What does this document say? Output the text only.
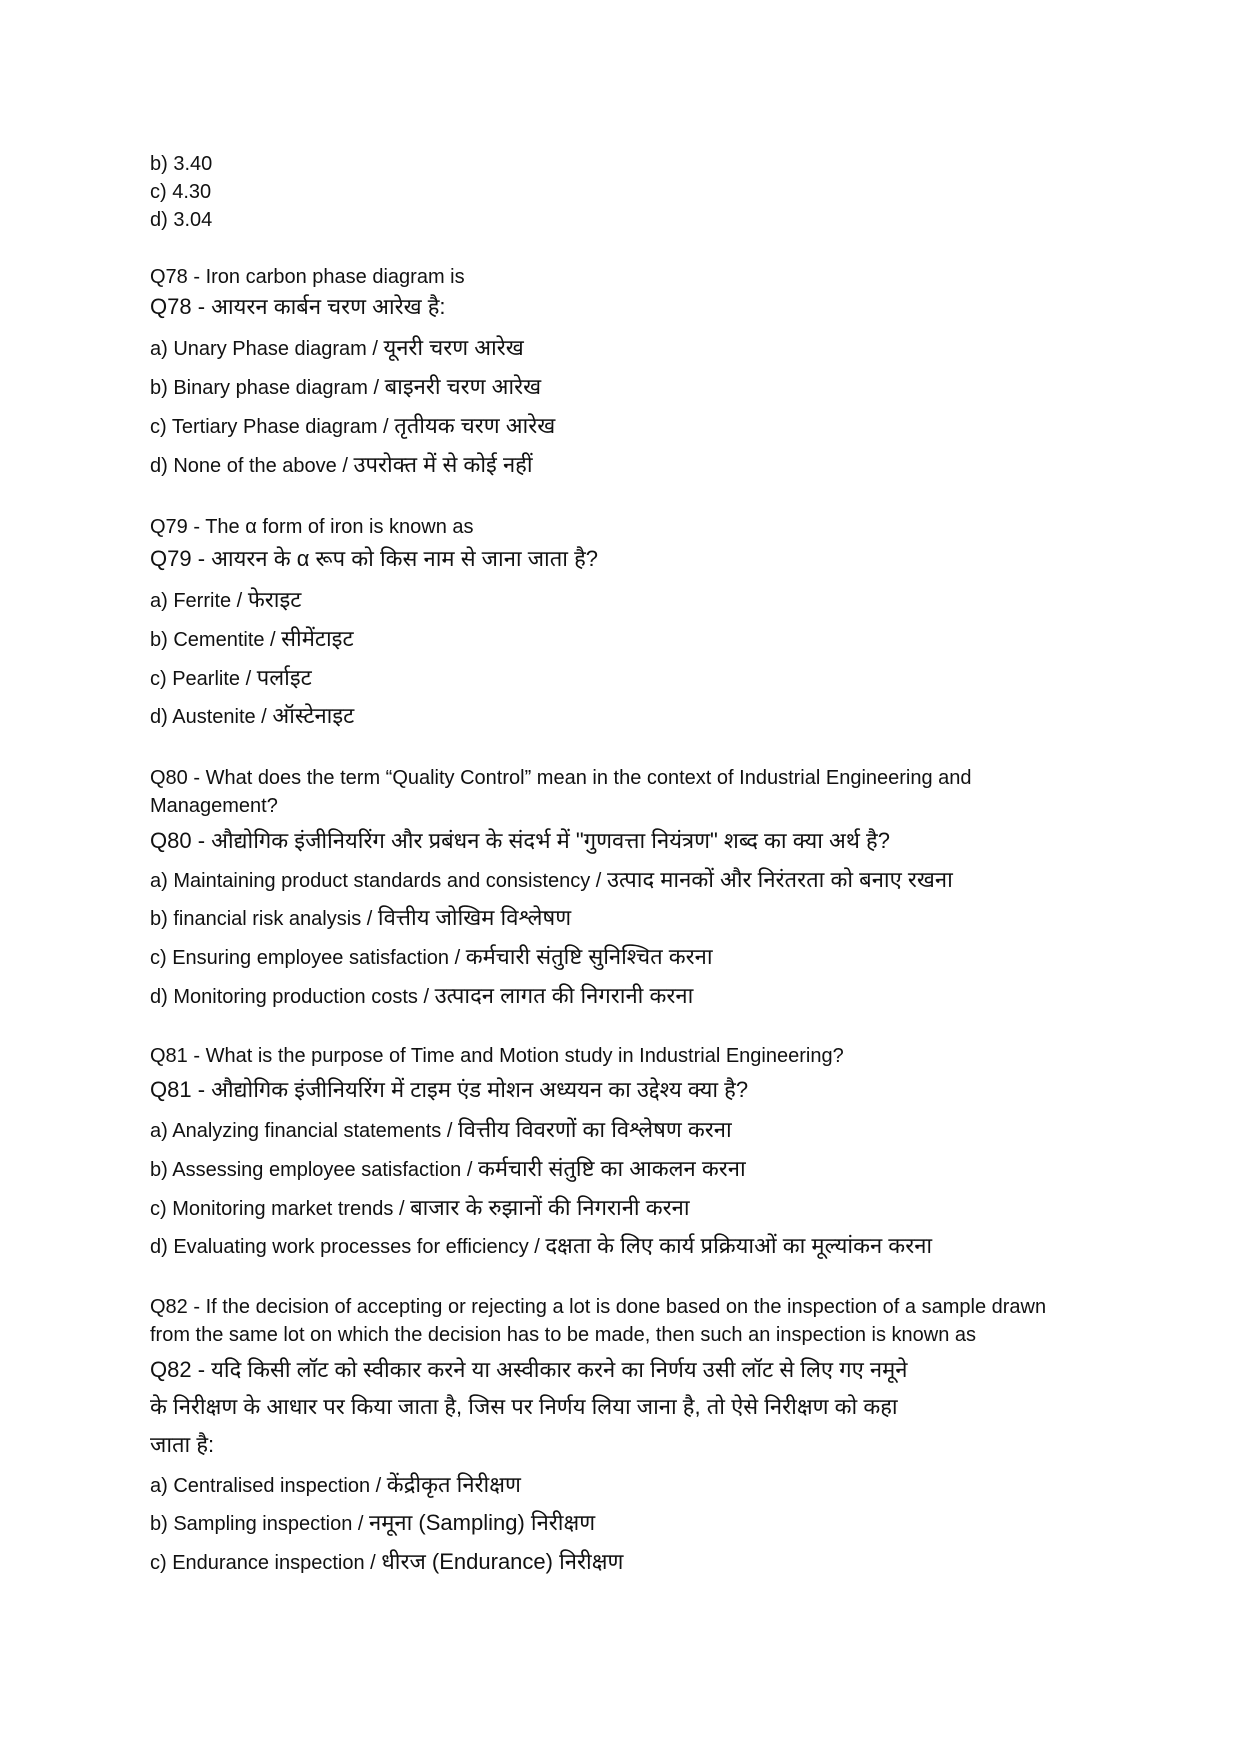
b) 3.40
c) 4.30
d) 3.04
Q78 - Iron carbon phase diagram is
Q78 - आयरन कार्बन चरण आरेख है:
a) Unary Phase diagram / यूनरी चरण आरेख
b) Binary phase diagram / बाइनरी चरण आरेख
c) Tertiary Phase diagram / तृतीयक चरण आरेख
d) None of the above / उपरोक्त में से कोई नहीं
Q79 - The α form of iron is known as
Q79 - आयरन के α रूप को किस नाम से जाना जाता है?
a) Ferrite / फेराइट
b) Cementite / सीमेंटाइट
c) Pearlite / पर्लाइट
d) Austenite / ऑस्टेनाइट
Q80 - What does the term “Quality Control” mean in the context of Industrial Engineering and
Management?
Q80 - औद्योगिक इंजीनियरिंग और प्रबंधन के संदर्भ में "गुणवत्ता नियंत्रण" शब्द का क्या अर्थ है?
a) Maintaining product standards and consistency / उत्पाद मानकों और निरंतरता को बनाए रखना
b) financial risk analysis / वित्तीय जोखिम विश्लेषण
c) Ensuring employee satisfaction / कर्मचारी संतुष्टि सुनिश्चित करना
d) Monitoring production costs / उत्पादन लागत की निगरानी करना
Q81 - What is the purpose of Time and Motion study in Industrial Engineering?
Q81 - औद्योगिक इंजीनियरिंग में टाइम एंड मोशन अध्ययन का उद्देश्य क्या है?
a) Analyzing financial statements / वित्तीय विवरणों का विश्लेषण करना
b) Assessing employee satisfaction / कर्मचारी संतुष्टि का आकलन करना
c) Monitoring market trends / बाजार के रुझानों की निगरानी करना
d) Evaluating work processes for efficiency / दक्षता के लिए कार्य प्रक्रियाओं का मूल्यांकन करना
Q82 - If the decision of accepting or rejecting a lot is done based on the inspection of a sample drawn
from the same lot on which the decision has to be made, then such an inspection is known as
Q82 - यदि किसी लॉट को स्वीकार करने या अस्वीकार करने का निर्णय उसी लॉट से लिए गए नमूने
के निरीक्षण के आधार पर किया जाता है, जिस पर निर्णय लिया जाना है, तो ऐसे निरीक्षण को कहा
जाता है:
a) Centralised inspection / केंद्रीकृत निरीक्षण
b) Sampling inspection / नमूना (Sampling) निरीक्षण
c) Endurance inspection / धीरज (Endurance) निरीक्षण
